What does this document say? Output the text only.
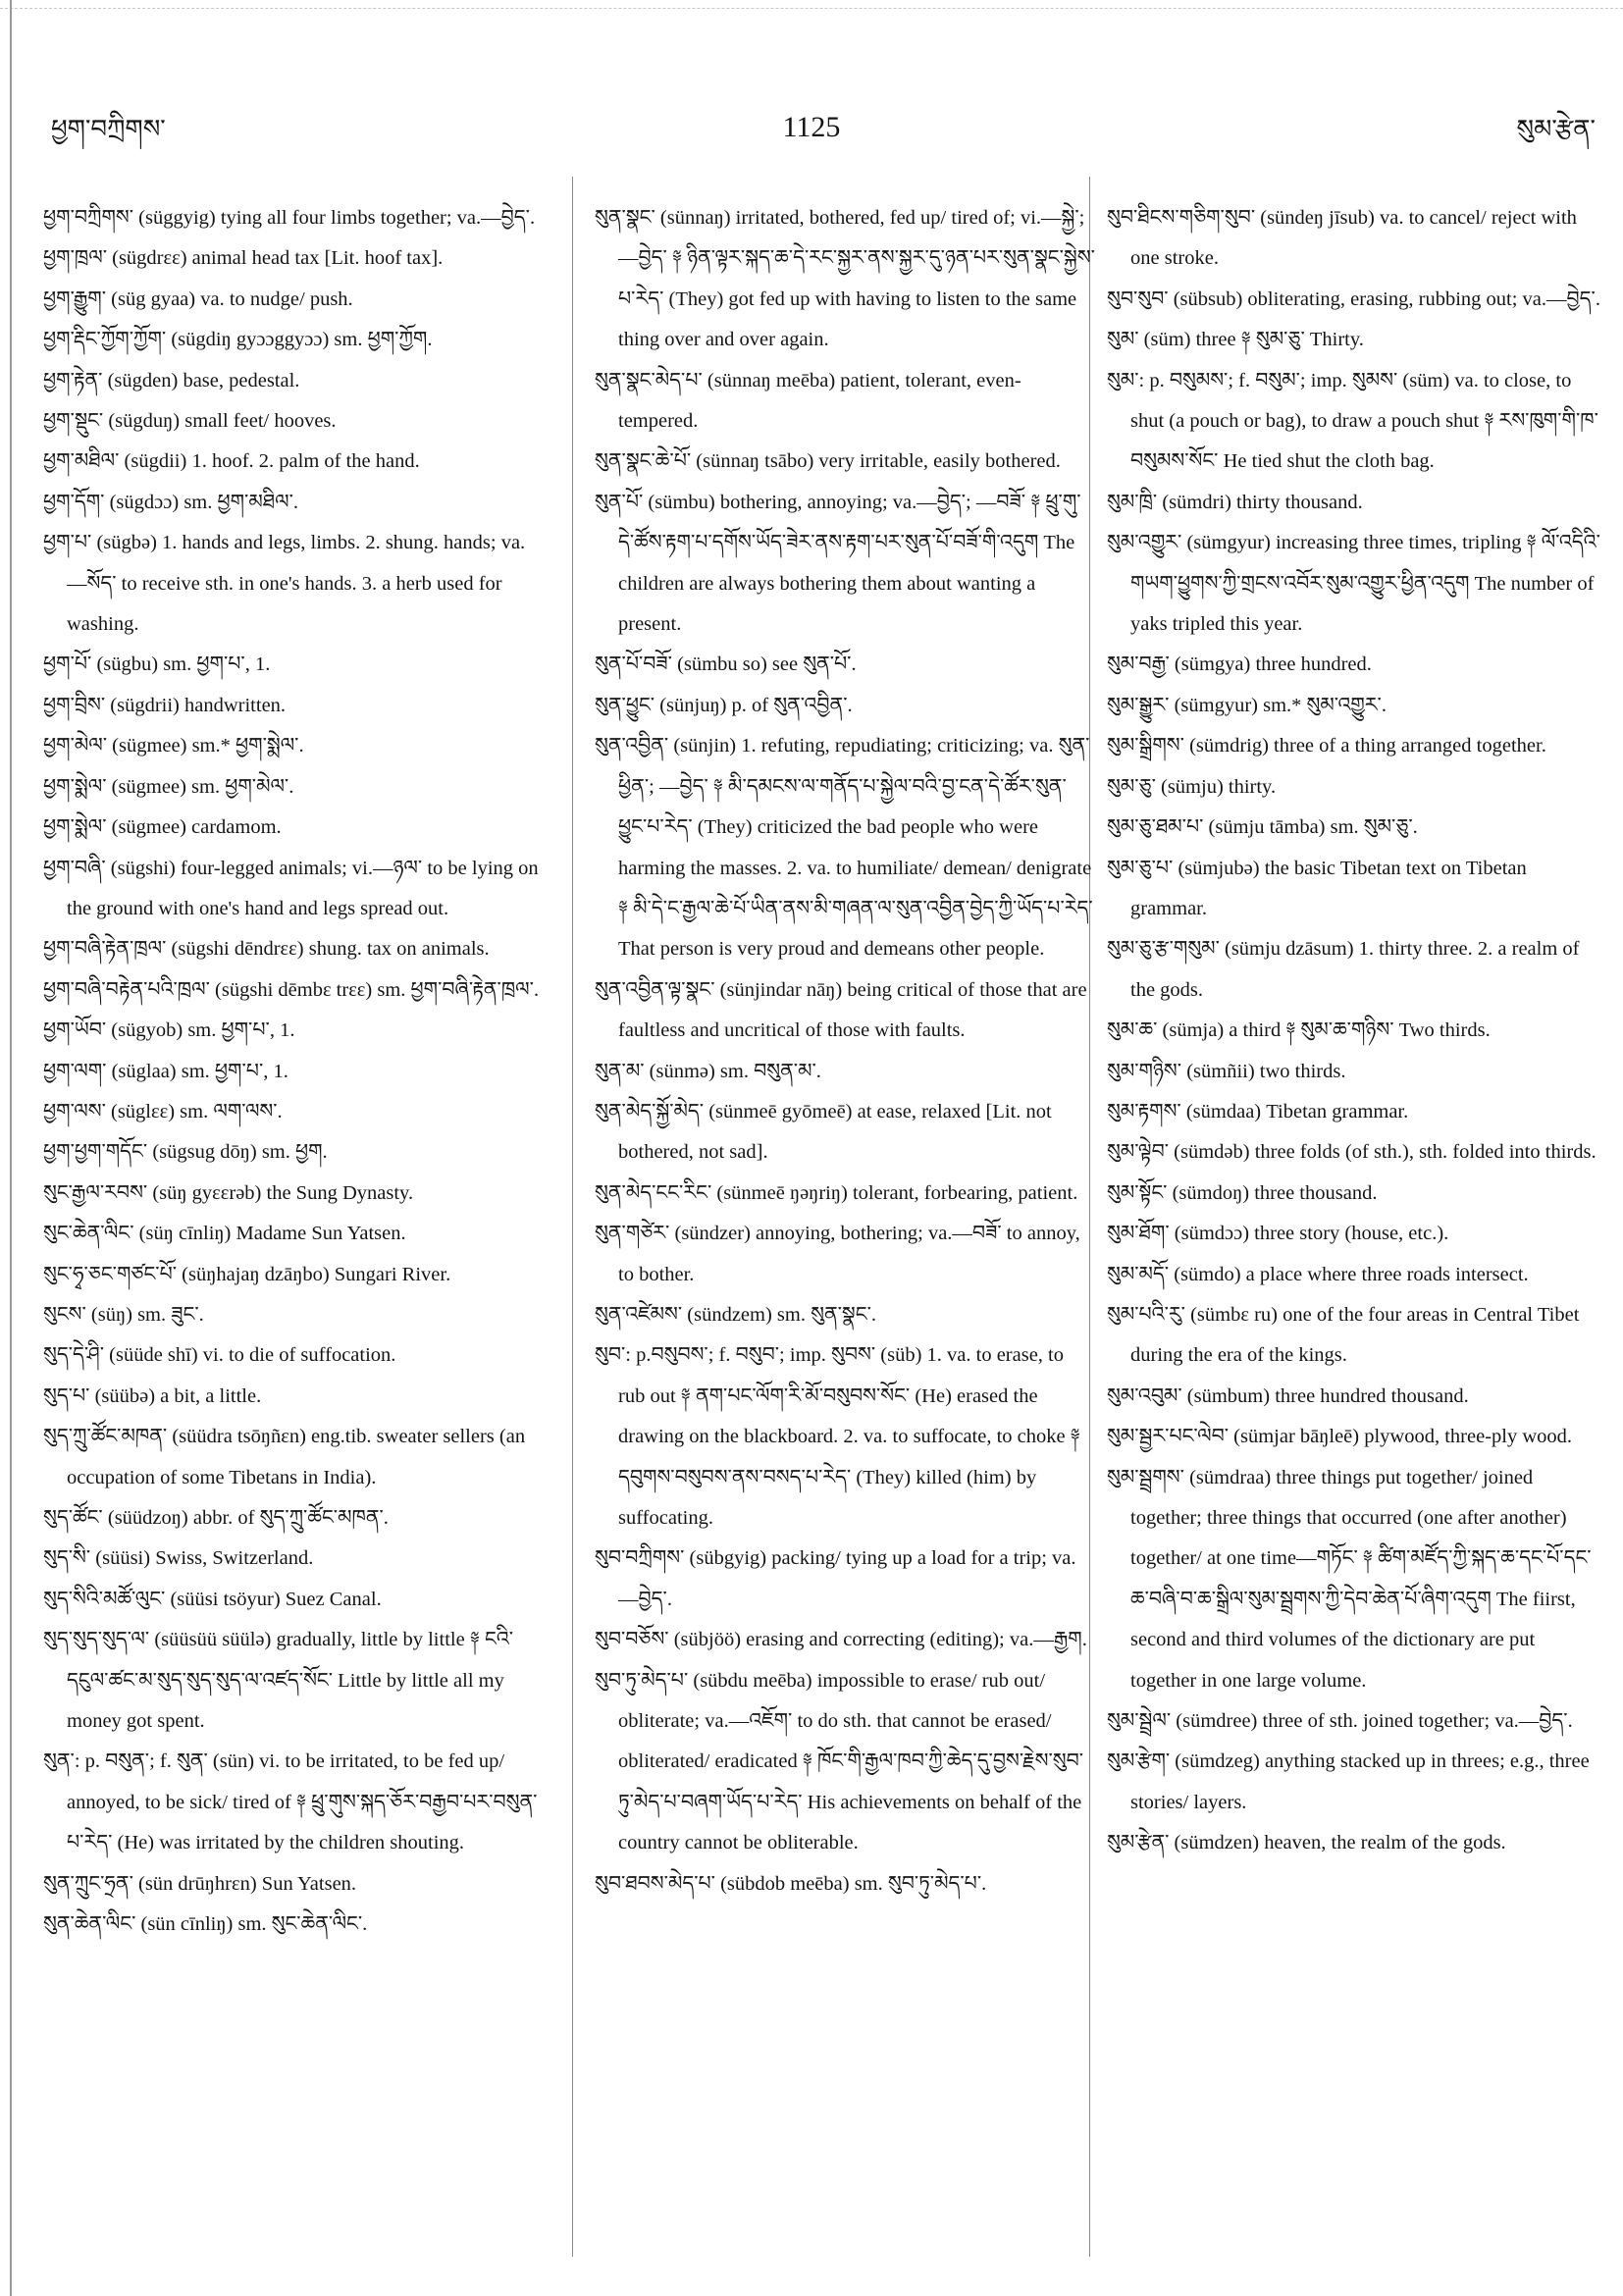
ཕྱག་བཀྲིགས་	1125	སུམ་རྩེན་

ཕྱག་བཀྲིགས་ (süggyig) tying all four limbs together; va.—བྱེད་.

ཕྱག་ཁྲལ་ (sügdrεε) animal head tax [Lit. hoof tax].

ཕྱག་རྒྱུག་ (süg gyaa) va. to nudge/ push.

ཕྱག་རྡིང་ཀྱོག་ཀྱོག་ (sügdiŋ gyɔɔggyɔɔ) sm. ཕྱག་ཀྱོག.

ཕྱག་རྟེན་ (sügden) base, pedestal.

ཕྱག་སྡུང་ (sügduŋ) small feet/ hooves.

ཕྱག་མཐིལ་ (sügdii) 1. hoof. 2. palm of the hand.

ཕྱག་དོག་ (sügdɔɔ) sm. ཕྱག་མཐིལ་.

ཕྱག་པ་ (sügbə) 1. hands and legs, limbs. 2. shung. hands; va.—སོད་ to receive sth. in one's hands. 3. a herb used for washing.

ཕྱག་པོ་ (sügbu) sm. ཕྱག་པ་, 1.

ཕྱག་བྲིས་ (sügdrii) handwritten.

ཕྱག་མེལ་ (sügmee) sm.* ཕྱག་སྨེལ་.

ཕྱག་སྨེལ་ (sügmee) sm. ཕྱག་མེལ་.

ཕྱག་སྨེལ་ (sügmee) cardamom.

ཕྱག་བཞི་ (sügshi) four-legged animals; vi.—ཉལ་ to be lying on the ground with one's hand and legs spread out.

ཕྱག་བཞི་རྟེན་ཁྲལ་ (sügshi dēndrεε) shung. tax on animals.

ཕྱག་བཞི་བརྟེན་པའི་ཁྲལ་ (sügshi dēmbε trεε) sm. ཕྱག་བཞི་རྟེན་ཁྲལ་.

ཕྱག་ཡོབ་ (sügyob) sm. ཕྱག་པ་, 1.

ཕྱག་ལག་ (süglaa) sm. ཕྱག་པ་, 1.

ཕྱག་ལས་ (süglεε) sm. ལག་ལས་.

ཕྱག་ཕྱག་གདོང་ (sügsug dōŋ) sm. ཕྱག.

སུང་རྒྱལ་རབས་ (süŋ gyεεrəb) the Sung Dynasty.

སུང་ཆེན་ལིང་ (süŋ cīnliŋ) Madame Sun Yatsen.

སུང་ཧྭ་ཅང་གཙང་པོ་ (süŋhajaŋ dzāŋbo) Sungari River.

སུངས་ (süŋ) sm. ཟུང་.

སུད་དེ་ཤི་ (süüde shī) vi. to die of suffocation.

སུད་པ་ (süübə) a bit, a little.

སུད་ཀྲུ་ཚོང་མཁན་ (süüdra tsōŋñεn) eng.tib. sweater sellers (an occupation of some Tibetans in India).

སུད་ཚོང་ (süüdzoŋ) abbr. of སུད་ཀྲུ་ཚོང་མཁན་.

སུད་སི་ (süüsi) Swiss, Switzerland.

སུད་སིའི་མཚོ་ལུང་ (süüsi tsöyur) Suez Canal.

སུད་སུད་སུད་ལ་ (süüsüü süülə) gradually, little by little ༈ ངའི་དངུལ་ཚང་མ་སུད་སུད་སུད་ལ་འཛད་སོང་ Little by little all my money got spent.

སུན་: p. བསུན་; f. སུན་ (sün) vi. to be irritated, to be fed up/ annoyed, to be sick/ tired of ༈ ཕྲུ་གུས་སྐད་ཅོར་བརྒྱབ་པར་བསུན་པ་རེད་ (He) was irritated by the children shouting.

སུན་ཀྲུང་ཧྲན་ (sün drūŋhrεn) Sun Yatsen.

སུན་ཆེན་ལིང་ (sün cīnliŋ) sm. སུང་ཆེན་ལིང་.

སུན་སྣང་ (sünnaŋ) irritated, bothered, fed up/ tired of; vi.—སྐྱེ་; —བྱེད་ ༈ ཉིན་ལྟར་སྐད་ཆ་དེ་རང་སྐྱར་ནས་སྐྱར་དུ་ཉན་པར་སུན་སྣང་སྐྱེས་པ་རེད་ (They) got fed up with having to listen to the same thing over and over again.

སུན་སྣང་མེད་པ་ (sünnaŋ meēba) patient, tolerant, even-tempered.

སུན་སྣང་ཆེ་པོ་ (sünnaŋ tsābo) very irritable, easily bothered.

སུན་པོ་ (sümbu) bothering, annoying; va.—བྱེད་; —བཟོ་ ༈ ཕྲུ་གུ་དེ་ཚོས་རྟག་པ་དགོས་ཡོད་ཟེར་ནས་རྟག་པར་སུན་པོ་བཟོ་གི་འདུག The children are always bothering them about wanting a present.

སུན་པོ་བཟོ་ (sümbu so) see སུན་པོ་.

སུན་ཕྱུང་ (sünjuŋ) p. of སུན་འབྱིན་.

སུན་འབྱིན་ (sünjin) 1. refuting, repudiating; criticizing; va. སུན་ཕྱིན་; —བྱེད་ ༈ མི་དམངས་ལ་གནོད་པ་སྐྱེལ་བའི་བྱ་ངན་དེ་ཚོར་སུན་ཕྱུང་པ་རེད་ (They) criticized the bad people who were harming the masses. 2. va. to humiliate/ demean/ denigrate ༈ མི་དེ་ང་རྒྱལ་ཆེ་པོ་ཡིན་ནས་མི་གཞན་ལ་སུན་འབྱིན་བྱེད་ཀྱི་ཡོད་པ་རེད་ That person is very proud and demeans other people.

སུན་འབྱིན་ལྟ་སྣང་ (sünjindar nāŋ) being critical of those that are faultless and uncritical of those with faults.

སུན་མ་ (sünmə) sm. བསུན་མ་.

སུན་མེད་སྐྱོ་མེད་ (sünmeē gyōmeē) at ease, relaxed [Lit. not bothered, not sad].

སུན་མེད་ངང་རིང་ (sünmeē ŋəŋriŋ) tolerant, forbearing, patient.

སུན་གཙེར་ (sündzer) annoying, bothering; va.—བཟོ་ to annoy, to bother.

སུན་འཛེམས་ (sündzem) sm. སུན་སྣང་.

སུབ་: p.བསུབས་; f. བསུབ་; imp. སུབས་ (süb) 1. va. to erase, to rub out ༈ ནག་པང་ལོག་རི་མོ་བསུབས་སོང་ (He) erased the drawing on the blackboard. 2. va. to suffocate, to choke ༈ དབུགས་བསུབས་ནས་བསད་པ་རེད་ (They) killed (him) by suffocating.

སུབ་བཀྲིགས་ (sübgyig) packing/ tying up a load for a trip; va.—བྱེད་.

སུབ་བཅོས་ (sübjöö) erasing and correcting (editing); va.—རྒྱག.

སུབ་ཏུ་མེད་པ་ (sübdu meēba) impossible to erase/ rub out/ obliterate; va.—འཇོག་ to do sth. that cannot be erased/ obliterated/ eradicated ༈ ཁོང་གི་རྒྱལ་ཁབ་ཀྱི་ཆེད་དུ་བྱས་རྗེས་སུབ་ཏུ་མེད་པ་བཞག་ཡོད་པ་རེད་ His achievements on behalf of the country cannot be obliterable.

སུབ་ཐབས་མེད་པ་ (sübdob meēba) sm. སུབ་ཏུ་མེད་པ་.

སུབ་ཐིངས་གཅིག་སུབ་ (sündeŋ jīsub) va. to cancel/ reject with one stroke.

སུབ་སུབ་ (sübsub) obliterating, erasing, rubbing out; va.—བྱེད་.

སུམ་ (süm) three ༈ སུམ་ཅུ་ Thirty.

སུམ་: p. བསུམས་; f. བསུམ་; imp. སུམས་ (süm) va. to close, to shut (a pouch or bag), to draw a pouch shut ༈ རས་ཁུག་གི་ཁ་བསུམས་སོང་ He tied shut the cloth bag.

སུམ་ཁྲི་ (sümdri) thirty thousand.

སུམ་འགྱུར་ (sümgyur) increasing three times, tripling ༈ ལོ་འདིའི་གཡག་ཕྱུགས་ཀྱི་གྲངས་འབོར་སུམ་འགྱུར་ཕྱིན་འདུག The number of yaks tripled this year.

སུམ་བརྒྱ་ (sümgya) three hundred.

སུམ་སྒྱུར་ (sümgyur) sm.* སུམ་འགྱུར་.

སུམ་སྒྲིགས་ (sümdrig) three of a thing arranged together.

སུམ་ཅུ་ (sümju) thirty.

སུམ་ཅུ་ཐམ་པ་ (sümju tāmba) sm. སུམ་ཅུ་.

སུམ་ཅུ་པ་ (sümjubə) the basic Tibetan text on Tibetan grammar.

སུམ་ཅུ་རྩ་གསུམ་ (sümju dzāsum) 1. thirty three. 2. a realm of the gods.

སུམ་ཆ་ (sümja) a third ༈ སུམ་ཆ་གཉིས་ Two thirds.

སུམ་གཉིས་ (sümñii) two thirds.

སུམ་རྟགས་ (sümdaa) Tibetan grammar.

སུམ་ལྟེབ་ (sümdəb) three folds (of sth.), sth. folded into thirds.

སུམ་སྟོང་ (sümdoŋ) three thousand.

སུམ་ཐོག་ (sümdɔɔ) three story (house, etc.).

སུམ་མདོ་ (sümdo) a place where three roads intersect.

སུམ་པའི་རུ་ (sümbε ru) one of the four areas in Central Tibet during the era of the kings.

སུམ་འབུམ་ (sümbum) three hundred thousand.

སུམ་སྦྱར་པང་ལེབ་ (sümjar bāŋleē) plywood, three-ply wood.

སུམ་སྦྲགས་ (sümdraa) three things put together/ joined together; three things that occurred (one after another) together/ at one time—གཏོང་ ༈ ཚིག་མཛོད་ཀྱི་སྐད་ཆ་དང་པོ་དང་ཆ་བཞི་བ་ཆ་སྒྲིལ་སུམ་སྦྲགས་ཀྱི་དེབ་ཆེན་པོ་ཞིག་འདུག The fiirst, second and third volumes of the dictionary are put together in one large volume.

སུམ་སྦྲེལ་ (sümdree) three of sth. joined together; va.—བྱེད་.

སུམ་རྩེག་ (sümdzeg) anything stacked up in threes; e.g., three stories/ layers.

སུམ་རྩེན་ (sümdzen) heaven, the realm of the gods.
